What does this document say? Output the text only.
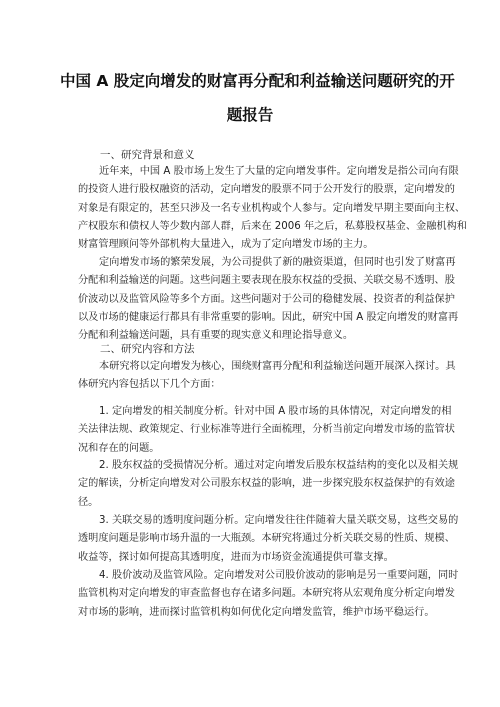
中国 A 股定向增发的财富再分配和利益输送问题研究的开
题报告
一、研究背景和意义
近年来，中国 A 股市场上发生了大量的定向增发事件。定向增发是指公司向有限
的投资人进行股权融资的活动，定向增发的股票不同于公开发行的股票，定向增发的
对象是有限定的，甚至只涉及一名专业机构或个人参与。定向增发早期主要面向主权、
产权股东和债权人等少数内部人群，后来在 2006 年之后，私募股权基金、金融机构和
财富管理顾问等外部机构大量进入，成为了定向增发市场的主力。
定向增发市场的繁荣发展，为公司提供了新的融资渠道，但同时也引发了财富再
分配和利益输送的问题。这些问题主要表现在股东权益的受损、关联交易不透明、股
价波动以及监管风险等多个方面。这些问题对于公司的稳健发展、投资者的利益保护
以及市场的健康运行都具有非常重要的影响。因此，研究中国 A 股定向增发的财富再
分配和利益输送问题，具有重要的现实意义和理论指导意义。
二、研究内容和方法
本研究将以定向增发为核心，围绕财富再分配和利益输送问题开展深入探讨。具
体研究内容包括以下几个方面：
1. 定向增发的相关制度分析。针对中国 A 股市场的具体情况，对定向增发的相
关法律法规、政策规定、行业标准等进行全面梳理，分析当前定向增发市场的监管状
况和存在的问题。
2. 股东权益的受损情况分析。通过对定向增发后股东权益结构的变化以及相关规
定的解读，分析定向增发对公司股东权益的影响，进一步探究股东权益保护的有效途
径。
3. 关联交易的透明度问题分析。定向增发往往伴随着大量关联交易，这些交易的
透明度问题是影响市场升温的一大瓶颈。本研究将通过分析关联交易的性质、规模、
收益等，探讨如何提高其透明度，进而为市场资金流通提供可靠支撑。
4. 股价波动及监管风险。定向增发对公司股价波动的影响是另一重要问题，同时
监管机构对定向增发的审查监督也存在诸多问题。本研究将从宏观角度分析定向增发
对市场的影响，进而探讨监管机构如何优化定向增发监管，维护市场平稳运行。
